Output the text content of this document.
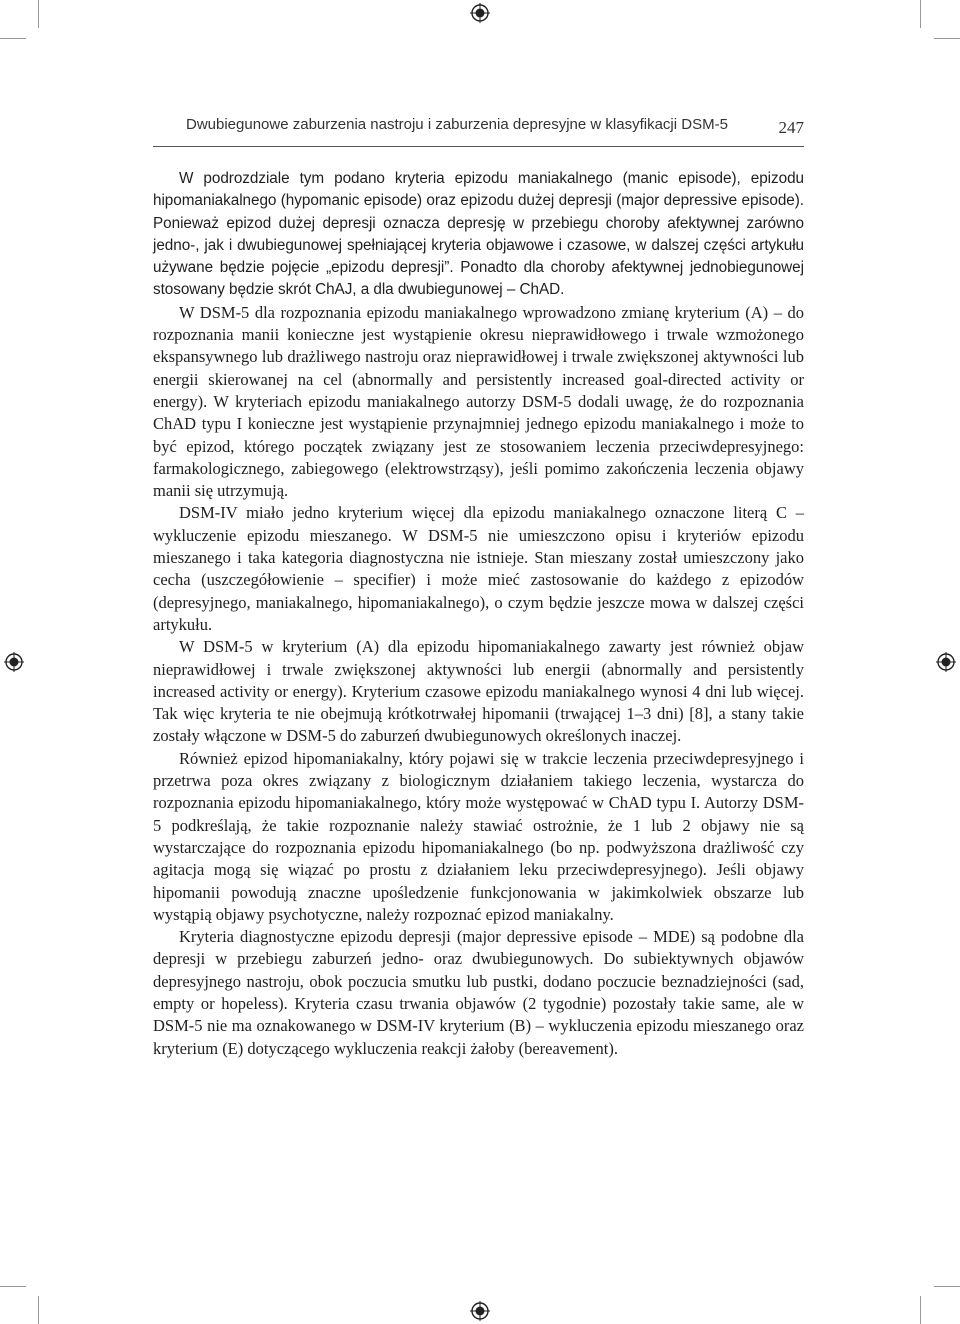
Dwubiegunowe zaburzenia nastroju i zaburzenia depresyjne w klasyfikacji DSM-5	247

W podrozdziale tym podano kryteria epizodu maniakalnego (manic episode), epizodu hipomaniakalnego (hypomanic episode) oraz epizodu dużej depresji (major depressive episode). Ponieważ epizod dużej depresji oznacza depresję w przebiegu choroby afektywnej zarówno jedno-, jak i dwubiegunowej spełniającej kryteria objawowe i czasowe, w dalszej części artykułu używane będzie pojęcie „epizodu depresji”. Ponadto dla choroby afektywnej jednobiegunowej stosowany będzie skrót ChAJ, a dla dwubiegunowej – ChAD.

W DSM-5 dla rozpoznania epizodu maniakalnego wprowadzono zmianę kryterium (A) – do rozpoznania manii konieczne jest wystąpienie okresu nieprawidłowego i trwale wzmożonego ekspansywnego lub drażliwego nastroju oraz nieprawidłowej i trwale zwiększonej aktywności lub energii skierowanej na cel (abnormally and persistently increased goal-directed activity or energy). W kryteriach epizodu maniakalnego autorzy DSM-5 dodali uwagę, że do rozpoznania ChAD typu I konieczne jest wystąpienie przynajmniej jednego epizodu maniakalnego i może to być epizod, którego początek związany jest ze stosowaniem leczenia przeciwdepresyjnego: farmakologicznego, zabiegowego (elektrowstrząsy), jeśli pomimo zakończenia leczenia objawy manii się utrzymują.

DSM-IV miało jedno kryterium więcej dla epizodu maniakalnego oznaczone literą C – wykluczenie epizodu mieszanego. W DSM-5 nie umieszczono opisu i kryteriów epizodu mieszanego i taka kategoria diagnostyczna nie istnieje. Stan mieszany został umieszczony jako cecha (uszczegółowienie – specifier) i może mieć zastosowanie do każdego z epizodów (depresyjnego, maniakalnego, hipomaniakalnego), o czym będzie jeszcze mowa w dalszej części artykułu.

W DSM-5 w kryterium (A) dla epizodu hipomaniakalnego zawarty jest również objaw nieprawidłowej i trwale zwiększonej aktywności lub energii (abnormally and persistently increased activity or energy). Kryterium czasowe epizodu maniakalnego wynosi 4 dni lub więcej. Tak więc kryteria te nie obejmują krótkotrwałej hipomanii (trwającej 1–3 dni) [8], a stany takie zostały włączone w DSM-5 do zaburzeń dwubiegunowych określonych inaczej.

Również epizod hipomaniakalny, który pojawi się w trakcie leczenia przeciwdepresyjnego i przetrwa poza okres związany z biologicznym działaniem takiego leczenia, wystarcza do rozpoznania epizodu hipomaniakalnego, który może występować w ChAD typu I. Autorzy DSM-5 podkreślają, że takie rozpoznanie należy stawiać ostrożnie, że 1 lub 2 objawy nie są wystarczające do rozpoznania epizodu hipomaniakalnego (bo np. podwyższona drażliwość czy agitacja mogą się wiązać po prostu z działaniem leku przeciwdepresyjnego). Jeśli objawy hipomanii powodują znaczne upośledzenie funkcjonowania w jakimkolwiek obszarze lub wystąpią objawy psychotyczne, należy rozpoznać epizod maniakalny.

Kryteria diagnostyczne epizodu depresji (major depressive episode – MDE) są podobne dla depresji w przebiegu zaburzeń jedno- oraz dwubiegunowych. Do subiektywnych objawów depresyjnego nastroju, obok poczucia smutku lub pustki, dodano poczucie beznadziejności (sad, empty or hopeless). Kryteria czasu trwania objawów (2 tygodnie) pozostały takie same, ale w DSM-5 nie ma oznakowanego w DSM-IV kryterium (B) – wykluczenia epizodu mieszanego oraz kryterium (E) dotyczącego wykluczenia reakcji żałoby (bereavement).
